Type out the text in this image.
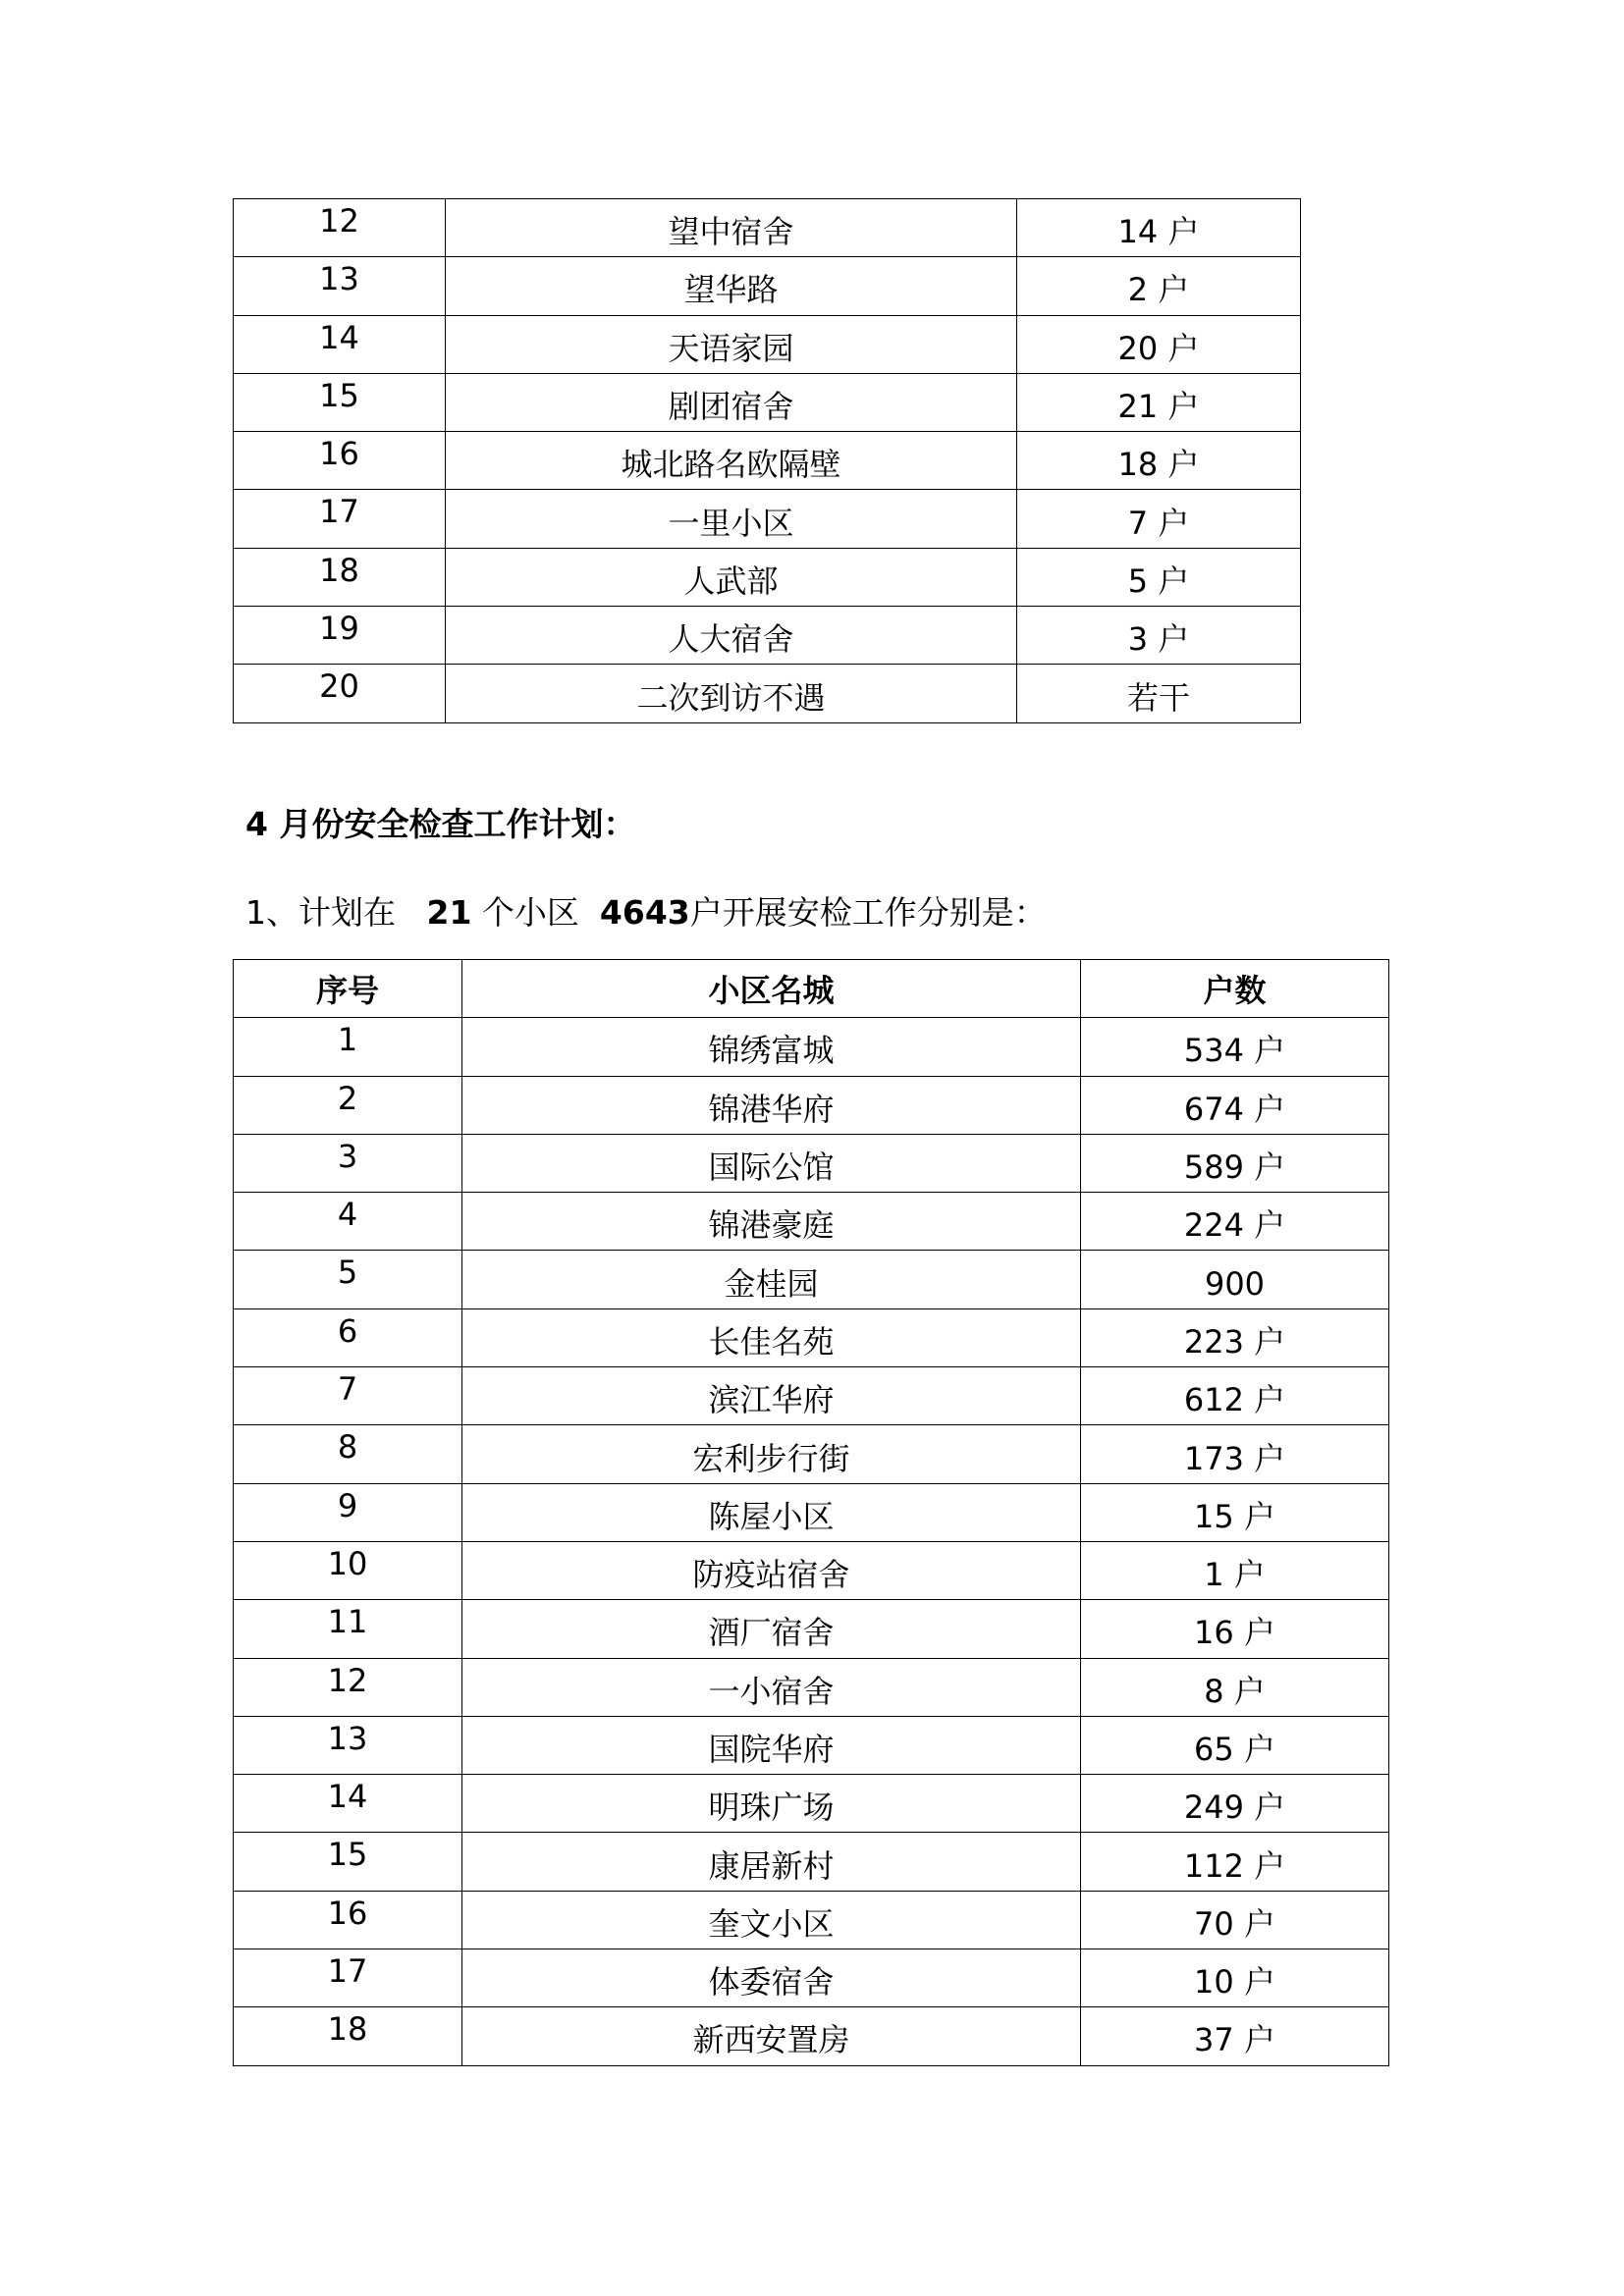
12	望中宿舍	14 户
13	望华路	2 户
14	天语家园	20 户
15	剧团宿舍	21 户
16	城北路名欧隔壁	18 户
17	一里小区	7 户
18	人武部	5 户
19	人大宿舍	3 户
20	二次到访不遇	若干
4 月份安全检查工作计划：
1、计划在 21 个小区 4643户开展安检工作分别是：
序号	小区名城	户数
1	锦绣富城	534 户
2	锦港华府	674 户
3	国际公馆	589 户
4	锦港豪庭	224 户
5	金桂园	900
6	长佳名苑	223 户
7	滨江华府	612 户
8	宏利步行街	173 户
9	陈屋小区	15 户
10	防疫站宿舍	1 户
11	酒厂宿舍	16 户
12	一小宿舍	8 户
13	国院华府	65 户
14	明珠广场	249 户
15	康居新村	112 户
16	奎文小区	70 户
17	体委宿舍	10 户
18	新西安置房	37 户
